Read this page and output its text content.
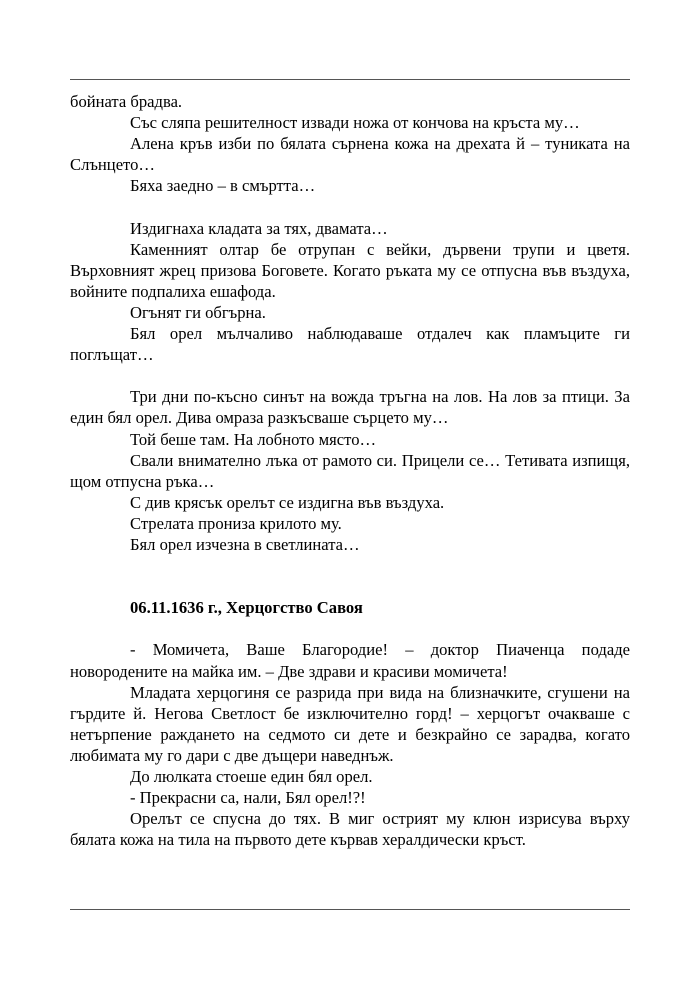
бойната брадва.

Със сляпа решителност извади ножа от кончова на кръста му…

Алена кръв изби по бялата сърнена кожа на дрехата й – туниката на Слънцето…

Бяха заедно – в смъртта…

Издигнаха кладата за тях, двамата…

Каменният олтар бе отрупан с вейки, дървени трупи и цветя. Върховният жрец призова Боговете. Когато ръката му се отпусна във въздуха, войните подпалиха ешафода.

Огънят ги обгърна.

Бял орел мълчаливо наблюдаваше отдалеч как пламъците ги поглъщат…

Три дни по-късно синът на вожда тръгна на лов. На лов за птици. За един бял орел. Дива омраза разкъсваше сърцето му…

Той беше там. На лобното място…

Свали внимателно лъка от рамото си. Прицели се… Тетивата изпищя, щом отпусна ръка…

С див крясък орелът се издигна във въздуха.

Стрелата прониза крилото му.

Бял орел изчезна в светлината…

06.11.1636 г., Херцогство Савоя

- Момичета, Ваше Благородие! – доктор Пиаченца подаде новородените на майка им. – Две здрави и красиви момичета!

Младата херцогиня се разрида при вида на близначките, сгушени на гърдите й. Негова Светлост бе изключително горд! – херцогът очакваше с нетърпение раждането на седмото си дете и безкрайно се зарадва, когато любимата му го дари с две дъщери наведнъж.

До люлката стоеше един бял орел.

- Прекрасни са, нали, Бял орел!?!

Орелът се спусна до тях. В миг острият му клюн изрисува върху бялата кожа на тила на първото дете кървав хералдически кръст.
